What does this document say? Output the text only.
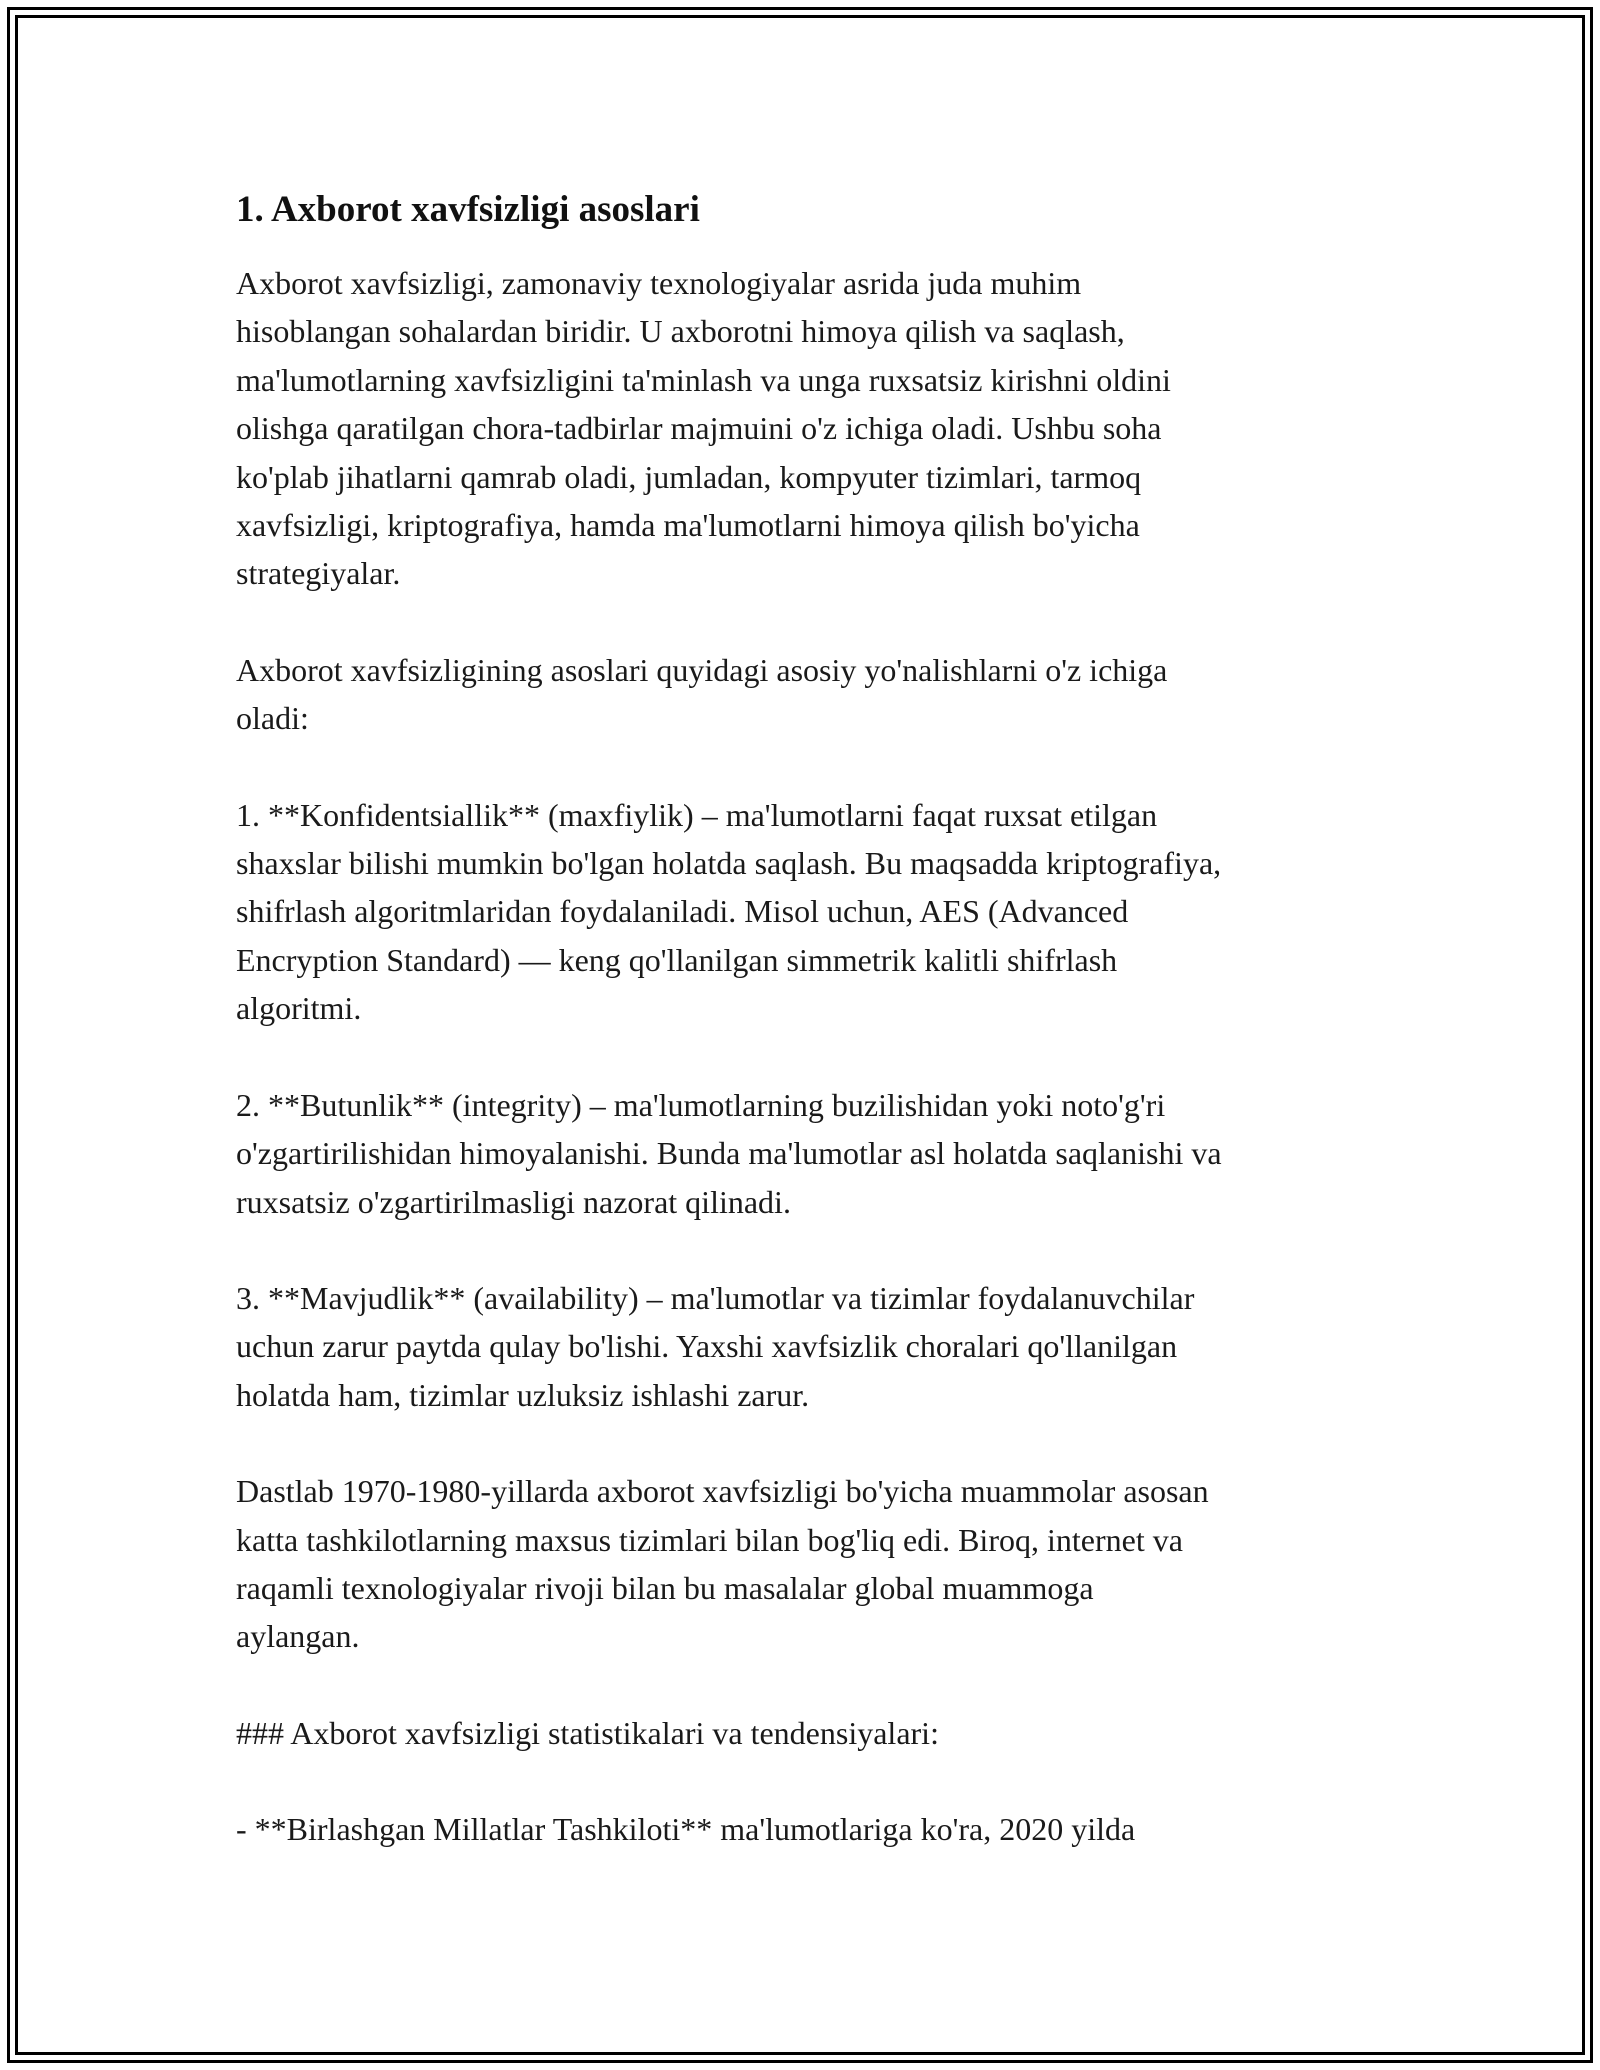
1. Axborot xavfsizligi asoslari

Axborot xavfsizligi, zamonaviy texnologiyalar asrida juda muhim
hisoblangan sohalardan biridir. U axborotni himoya qilish va saqlash,
ma'lumotlarning xavfsizligini ta'minlash va unga ruxsatsiz kirishni oldini
olishga qaratilgan chora-tadbirlar majmuini o'z ichiga oladi. Ushbu soha
ko'plab jihatlarni qamrab oladi, jumladan, kompyuter tizimlari, tarmoq
xavfsizligi, kriptografiya, hamda ma'lumotlarni himoya qilish bo'yicha
strategiyalar.

Axborot xavfsizligining asoslari quyidagi asosiy yo'nalishlarni o'z ichiga
oladi:

1. **Konfidentsiallik** (maxfiylik) – ma'lumotlarni faqat ruxsat etilgan
shaxslar bilishi mumkin bo'lgan holatda saqlash. Bu maqsadda kriptografiya,
shifrlash algoritmlaridan foydalaniladi. Misol uchun, AES (Advanced
Encryption Standard) — keng qo'llanilgan simmetrik kalitli shifrlash
algoritmi.

2. **Butunlik** (integrity) – ma'lumotlarning buzilishidan yoki noto'g'ri
o'zgartirilishidan himoyalanishi. Bunda ma'lumotlar asl holatda saqlanishi va
ruxsatsiz o'zgartirilmasligi nazorat qilinadi.

3. **Mavjudlik** (availability) – ma'lumotlar va tizimlar foydalanuvchilar
uchun zarur paytda qulay bo'lishi. Yaxshi xavfsizlik choralari qo'llanilgan
holatda ham, tizimlar uzluksiz ishlashi zarur.

Dastlab 1970-1980-yillarda axborot xavfsizligi bo'yicha muammolar asosan
katta tashkilotlarning maxsus tizimlari bilan bog'liq edi. Biroq, internet va
raqamli texnologiyalar rivoji bilan bu masalalar global muammoga
aylangan.

### Axborot xavfsizligi statistikalari va tendensiyalari:

- **Birlashgan Millatlar Tashkiloti** ma'lumotlariga ko'ra, 2020 yilda
